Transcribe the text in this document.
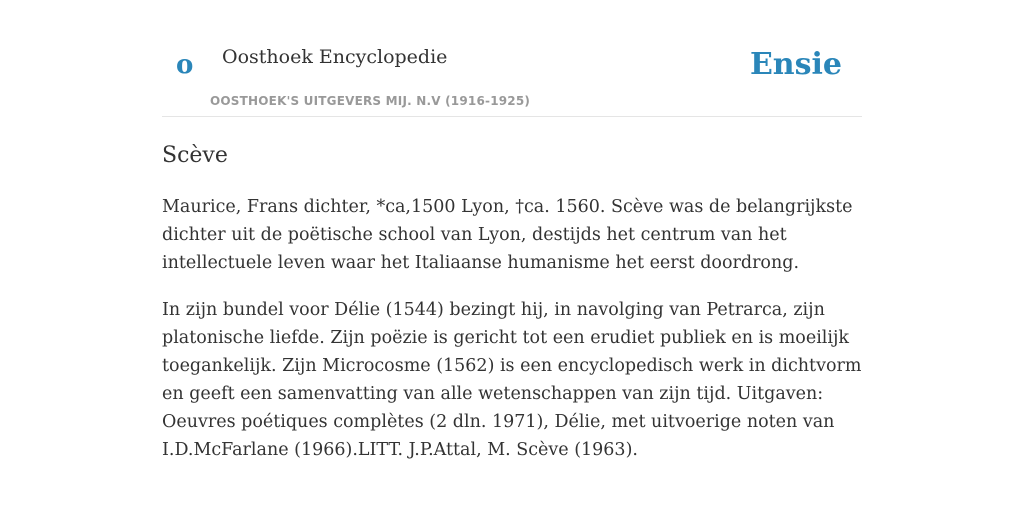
o Oosthoek Encyclopedie
OOSTHOEK'S UITGEVERS MIJ. N.V (1916-1925)
Ensie
Scève

Maurice, Frans dichter, *ca,1500 Lyon, †ca. 1560. Scève was de belangrijkste dichter uit de poëtische school van Lyon, destijds het centrum van het intellectuele leven waar het Italiaanse humanisme het eerst doordrong.

In zijn bundel voor Délie (1544) bezingt hij, in navolging van Petrarca, zijn platonische liefde. Zijn poëzie is gericht tot een erudiet publiek en is moeilijk toegankelijk. Zijn Microcosme (1562) is een encyclopedisch werk in dichtvorm en geeft een samenvatting van alle wetenschappen van zijn tijd. Uitgaven: Oeuvres poétiques complètes (2 dln. 1971), Délie, met uitvoerige noten van I.D.McFarlane (1966).LITT. J.P.Attal, M. Scève (1963).
